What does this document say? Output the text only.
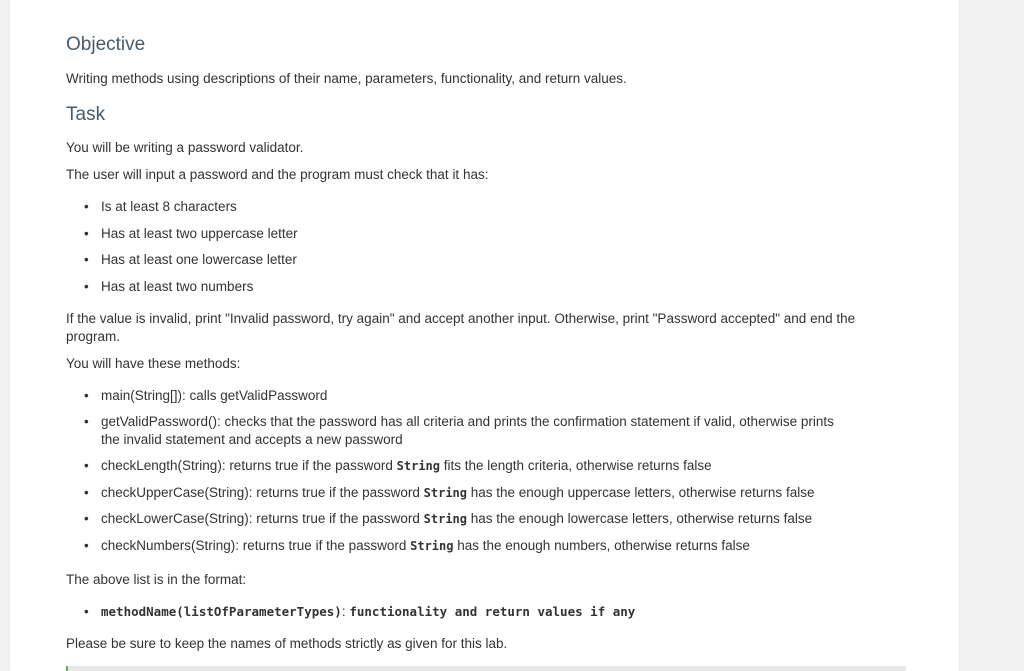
Objective

Writing methods using descriptions of their name, parameters, functionality, and return values.

Task

You will be writing a password validator.

The user will input a password and the program must check that it has:

• Is at least 8 characters
• Has at least two uppercase letter
• Has at least one lowercase letter
• Has at least two numbers

If the value is invalid, print "Invalid password, try again" and accept another input. Otherwise, print "Password accepted" and end the program.

You will have these methods:

• main(String[]): calls getValidPassword
• getValidPassword(): checks that the password has all criteria and prints the confirmation statement if valid, otherwise prints the invalid statement and accepts a new password
• checkLength(String): returns true if the password String fits the length criteria, otherwise returns false
• checkUpperCase(String): returns true if the password String has the enough uppercase letters, otherwise returns false
• checkLowerCase(String): returns true if the password String has the enough lowercase letters, otherwise returns false
• checkNumbers(String): returns true if the password String has the enough numbers, otherwise returns false

The above list is in the format:

• methodName(listOfParameterTypes): functionality and return values if any

Please be sure to keep the names of methods strictly as given for this lab.
